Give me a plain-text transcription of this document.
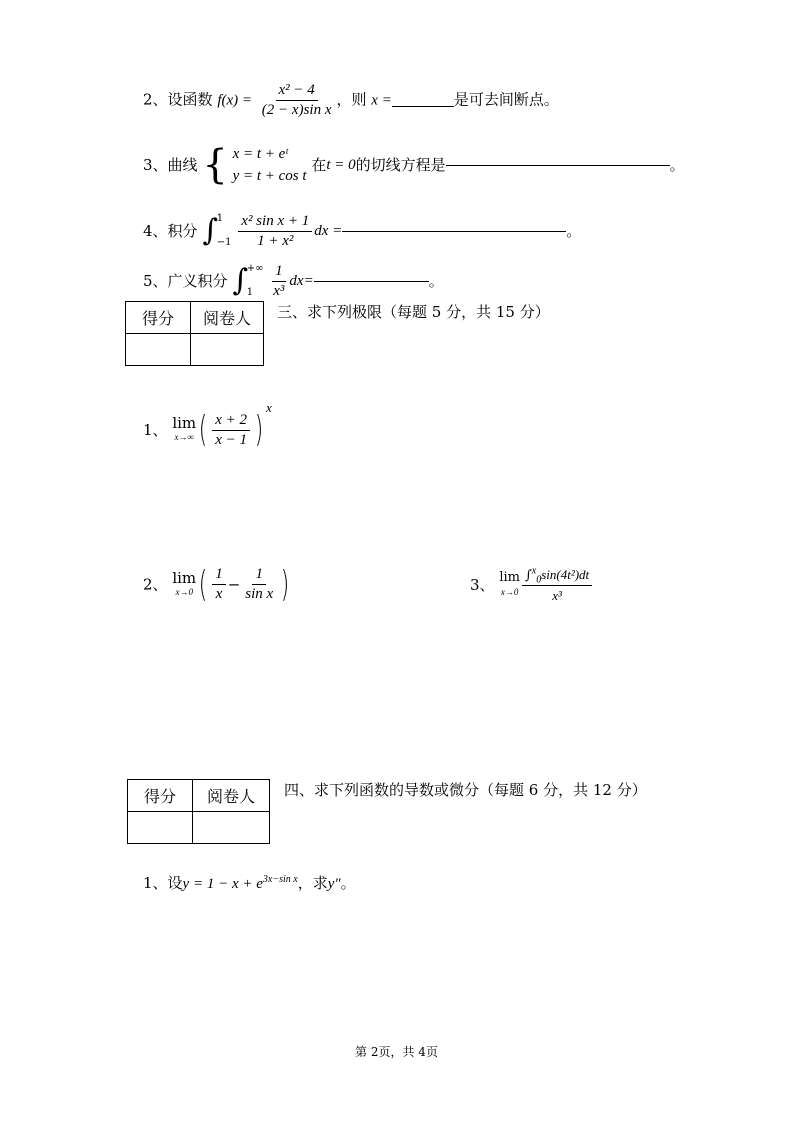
2、设函数 $f(x) = \frac{\text{x² − 4}}{\text{(2 − x)sin x}}$ ，则 x =	是可去间断点。
3、曲线 { x = t + eᵗ
y = t + cos t
在t = 0的切线方程是	。
4、积分 ∫
1
−1
$\frac{\text{x² sin x + 1}}{\text{1 + x²}}$ dx =	。
5、广义积分 ∫
+∞
1
	$\frac{1}{\text{x³}} dx=$	。
得分	阅卷人
	三、求下列极限（每题 5 分，共 15 分）
1、 lim
x→∞ ( $\frac{x + 2}{x - 1} )x$
2、 lim
x→0 ( $\frac{1}{x} - \frac{1}{\text{sin x}}$ )	3、 lim
$x\to 0 \frac{\int^x_0\sin(4t^2)dt}{\text{x³}}$
得分	阅卷人
	四、求下列函数的导数或微分（每题 6 分，共 12 分）
1、设$y = 1 - x + e^{3x-sin x}$，求y″。
第 2页，共 4页
